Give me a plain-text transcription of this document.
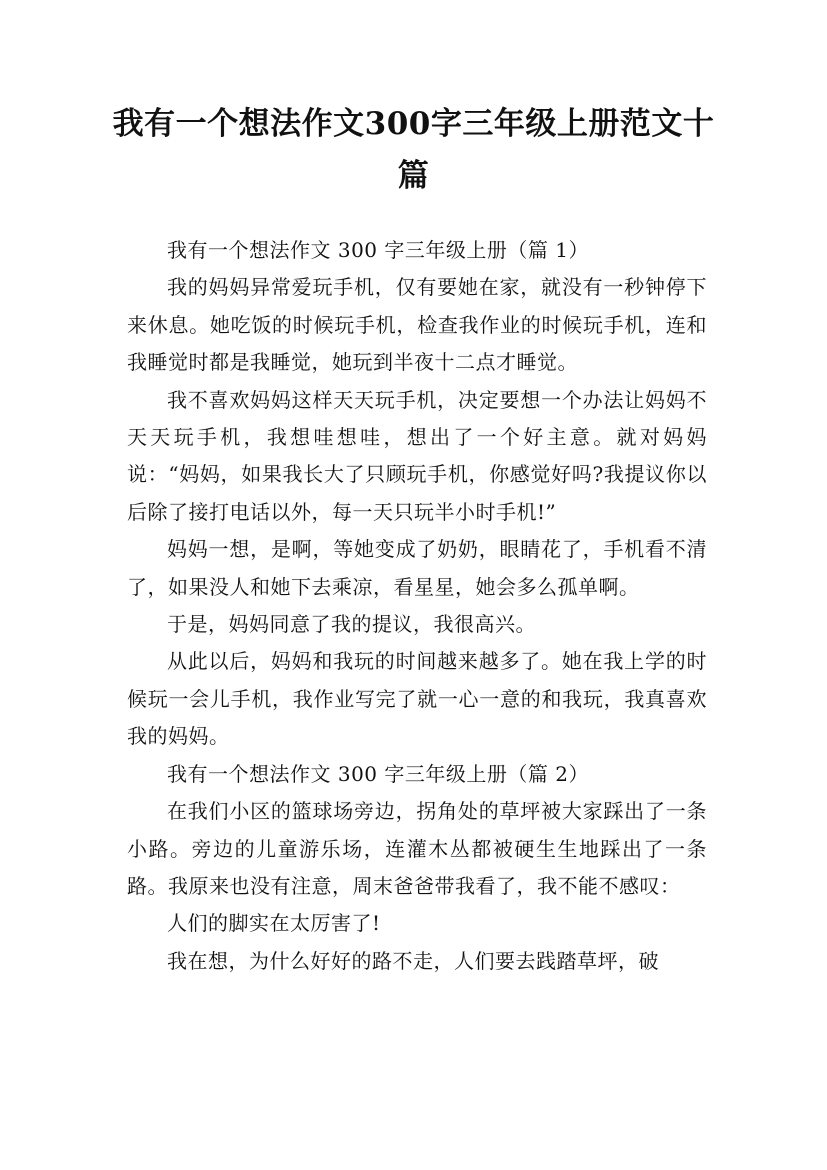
我有一个想法作文300字三年级上册范文十篇

我有一个想法作文 300 字三年级上册（篇 1）

我的妈妈异常爱玩手机，仅有要她在家，就没有一秒钟停下来休息。她吃饭的时候玩手机，检查我作业的时候玩手机，连和我睡觉时都是我睡觉，她玩到半夜十二点才睡觉。

我不喜欢妈妈这样天天玩手机，决定要想一个办法让妈妈不天天玩手机，我想哇想哇，想出了一个好主意。就对妈妈说：“妈妈，如果我长大了只顾玩手机，你感觉好吗?我提议你以后除了接打电话以外，每一天只玩半小时手机!”

妈妈一想，是啊，等她变成了奶奶，眼睛花了，手机看不清了，如果没人和她下去乘凉，看星星，她会多么孤单啊。

于是，妈妈同意了我的提议，我很高兴。

从此以后，妈妈和我玩的时间越来越多了。她在我上学的时候玩一会儿手机，我作业写完了就一心一意的和我玩，我真喜欢我的妈妈。

我有一个想法作文 300 字三年级上册（篇 2）

在我们小区的篮球场旁边，拐角处的草坪被大家踩出了一条小路。旁边的儿童游乐场，连灌木丛都被硬生生地踩出了一条路。我原来也没有注意，周末爸爸带我看了，我不能不感叹：

人们的脚实在太厉害了!

我在想，为什么好好的路不走，人们要去践踏草坪，破
